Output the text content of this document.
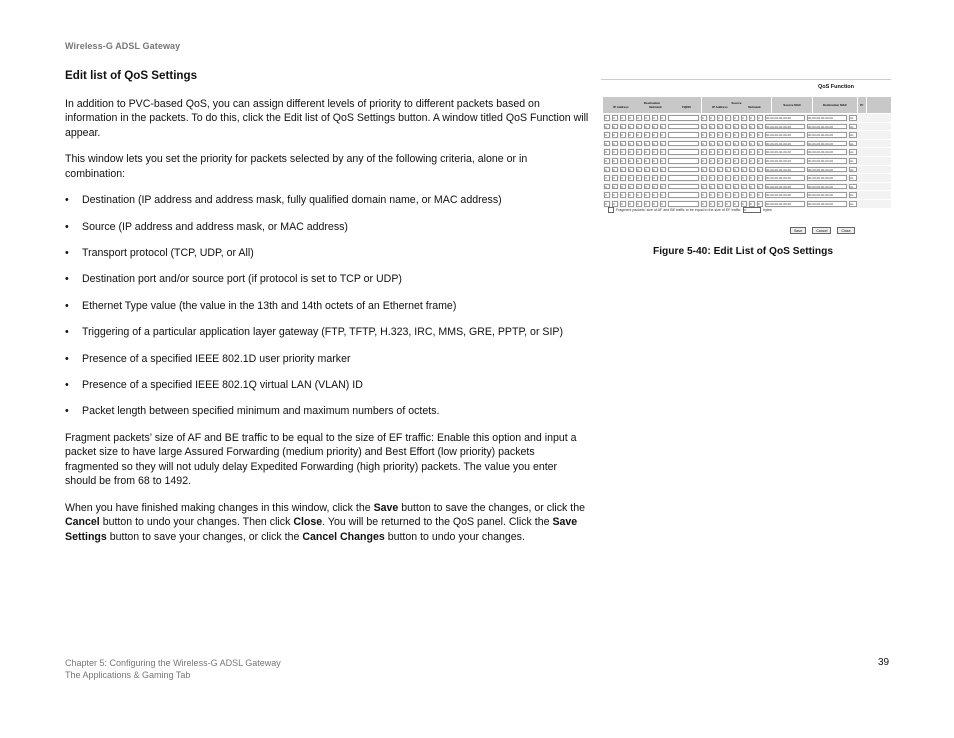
Wireless-G ADSL Gateway
Edit list of QoS Settings

In addition to PVC-based QoS, you can assign different levels of priority to different packets based on information in the packets. To do this, click the Edit list of QoS Settings button. A window titled QoS Function will appear.

This window lets you set the priority for packets selected by any of the following criteria, alone or in combination:

• Destination (IP address and address mask, fully qualified domain name, or MAC address)
• Source (IP address and address mask, or MAC address)
• Transport protocol (TCP, UDP, or All)
• Destination port and/or source port (if protocol is set to TCP or UDP)
• Ethernet Type value (the value in the 13th and 14th octets of an Ethernet frame)
• Triggering of a particular application layer gateway (FTP, TFTP, H.323, IRC, MMS, GRE, PPTP, or SIP)
• Presence of a specified IEEE 802.1D user priority marker
• Presence of a specified IEEE 802.1Q virtual LAN (VLAN) ID
• Packet length between specified minimum and maximum numbers of octets.

Fragment packets’ size of AF and BE traffic to be equal to the size of EF traffic: Enable this option and input a packet size to have large Assured Forwarding (medium priority) and Best Effort (low priority) packets fragmented so they will not uduly delay Expedited Forwarding (high priority) packets. The value you enter should be from 68 to 1492.

When you have finished making changes in this window, click the Save button to save the changes, or click the Cancel button to undo your changes. Then click Close. You will be returned to the QoS panel. Click the Save Settings button to save your changes, or click the Cancel Changes button to undo your changes.

QoS Function
Destination
IP Address	Netmask	FQDN
Source
IP Address	Netmask	Source MAC	Destination MAC	Pr
0	0	0	0	0	0	0	0	0	0	0	0	0	0	0	0	00-00-00-00-00-00	00-00-00-00-00-00	AL
0	0	0	0	0	0	0	0	0	0	0	0	0	0	0	0	00-00-00-00-00-00	00-00-00-00-00-00	AL
0	0	0	0	0	0	0	0	0	0	0	0	0	0	0	0	00-00-00-00-00-00	00-00-00-00-00-00	AL
0	0	0	0	0	0	0	0	0	0	0	0	0	0	0	0	00-00-00-00-00-00	00-00-00-00-00-00	AL
0	0	0	0	0	0	0	0	0	0	0	0	0	0	0	0	00-00-00-00-00-00	00-00-00-00-00-00	AL
0	0	0	0	0	0	0	0	0	0	0	0	0	0	0	0	00-00-00-00-00-00	00-00-00-00-00-00	AL
0	0	0	0	0	0	0	0	0	0	0	0	0	0	0	0	00-00-00-00-00-00	00-00-00-00-00-00	AL
0	0	0	0	0	0	0	0	0	0	0	0	0	0	0	0	00-00-00-00-00-00	00-00-00-00-00-00	AL
0	0	0	0	0	0	0	0	0	0	0	0	0	0	0	0	00-00-00-00-00-00	00-00-00-00-00-00	AL
0	0	0	0	0	0	0	0	0	0	0	0	0	0	0	0	00-00-00-00-00-00	00-00-00-00-00-00	AL
0	0	0	0	0	0	0	0	0	0	0	0	0	0	0	0	00-00-00-00-00-00	00-00-00-00-00-00	AL
Fragment packets' size of AF and BE traffic to be equal to the size of EF traffic:	0	bytes
Save	Cancel	Close
Figure 5-40: Edit List of QoS Settings
Chapter 5: Configuring the Wireless-G ADSL Gateway
The Applications & Gaming Tab
39
